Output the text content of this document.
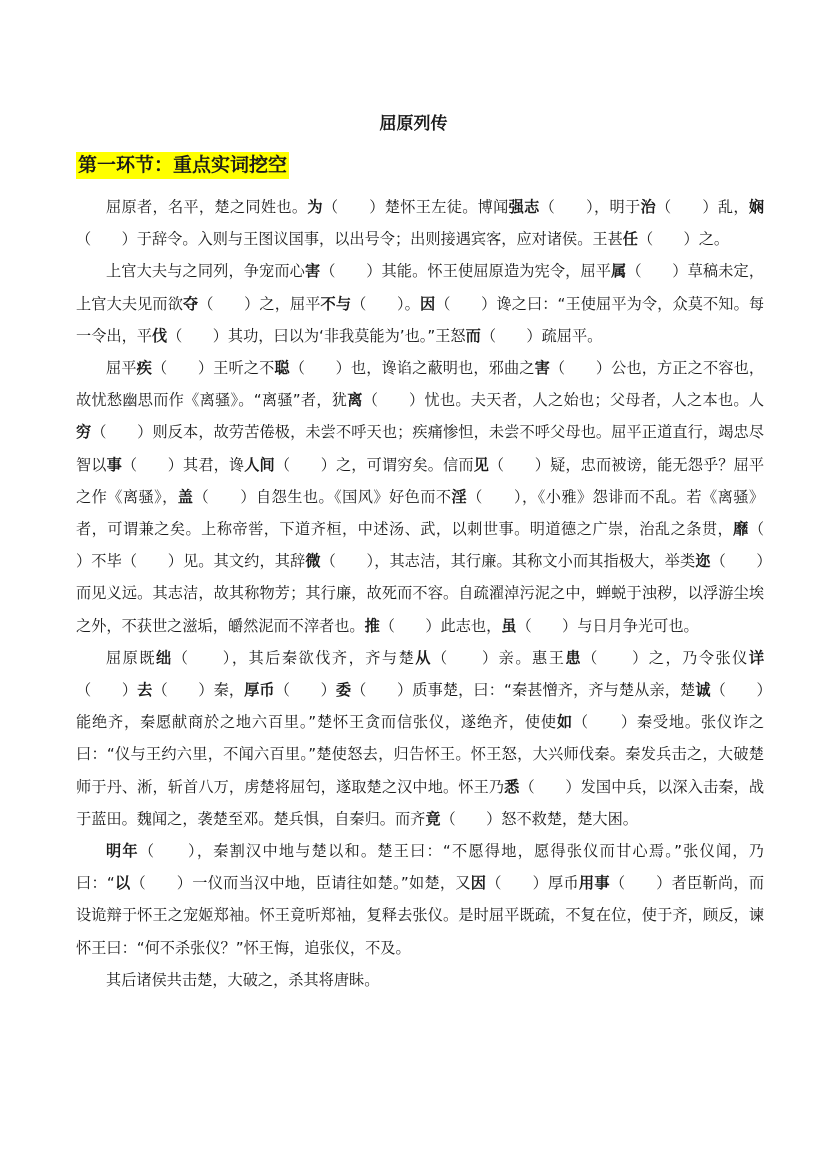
屈原列传
第一环节：重点实词挖空

屈原者，名平，楚之同姓也。为（　　）楚怀王左徒。博闻强志（　　），明于治（　　）乱，娴（　　）于辞令。入则与王图议国事，以出号令；出则接遇宾客，应对诸侯。王甚任（　　）之。

上官大夫与之同列，争宠而心害（　　）其能。怀王使屈原造为宪令，屈平属（　　）草稿未定，上官大夫见而欲夺（　　）之，屈平不与（　　）。因（　　）谗之曰：“王使屈平为令，众莫不知。每一令出，平伐（　　）其功，曰以为‘非我莫能为’也。”王怒而（　　）疏屈平。

屈平疾（　　）王听之不聪（　　）也，谗谄之蔽明也，邪曲之害（　　）公也，方正之不容也，故忧愁幽思而作《离骚》。“离骚”者，犹离（　　）忧也。夫天者，人之始也；父母者，人之本也。人穷（　　）则反本，故劳苦倦极，未尝不呼天也；疾痛惨怛，未尝不呼父母也。屈平正道直行，竭忠尽智以事（　　）其君，谗人间（　　）之，可谓穷矣。信而见（　　）疑，忠而被谤，能无怨乎？屈平之作《离骚》，盖（　　）自怨生也。《国风》好色而不淫（　　），《小雅》怨诽而不乱。若《离骚》者，可谓兼之矣。上称帝喾，下道齐桓，中述汤、武，以刺世事。明道德之广崇，治乱之条贯，靡（　　）不毕（　　）见。其文约，其辞微（　　），其志洁，其行廉。其称文小而其指极大，举类迩（　　）而见义远。其志洁，故其称物芳；其行廉，故死而不容。自疏濯淖污泥之中，蝉蜕于浊秽，以浮游尘埃之外，不获世之滋垢，皭然泥而不滓者也。推（　　）此志也，虽（　　）与日月争光可也。

屈原既绌（　　），其后秦欲伐齐，齐与楚从（　　）亲。惠王患（　　）之，乃令张仪详（　　）去（　　）秦，厚币（　　）委（　　）质事楚，曰：“秦甚憎齐，齐与楚从亲，楚诚（　　）能绝齐，秦愿献商於之地六百里。”楚怀王贪而信张仪，遂绝齐，使使如（　　）秦受地。张仪诈之曰：“仪与王约六里，不闻六百里。”楚使怒去，归告怀王。怀王怒，大兴师伐秦。秦发兵击之，大破楚师于丹、淅，斩首八万，虏楚将屈匄，遂取楚之汉中地。怀王乃悉（　　）发国中兵，以深入击秦，战于蓝田。魏闻之，袭楚至邓。楚兵惧，自秦归。而齐竟（　　）怒不救楚，楚大困。

明年（　　），秦割汉中地与楚以和。楚王曰：“不愿得地，愿得张仪而甘心焉。”张仪闻，乃曰：“以（　　）一仪而当汉中地，臣请往如楚。”如楚，又因（　　）厚币用事（　　）者臣靳尚，而设诡辩于怀王之宠姬郑袖。怀王竟听郑袖，复释去张仪。是时屈平既疏，不复在位，使于齐，顾反，谏怀王曰：“何不杀张仪？”怀王悔，追张仪，不及。

其后诸侯共击楚，大破之，杀其将唐眛。
